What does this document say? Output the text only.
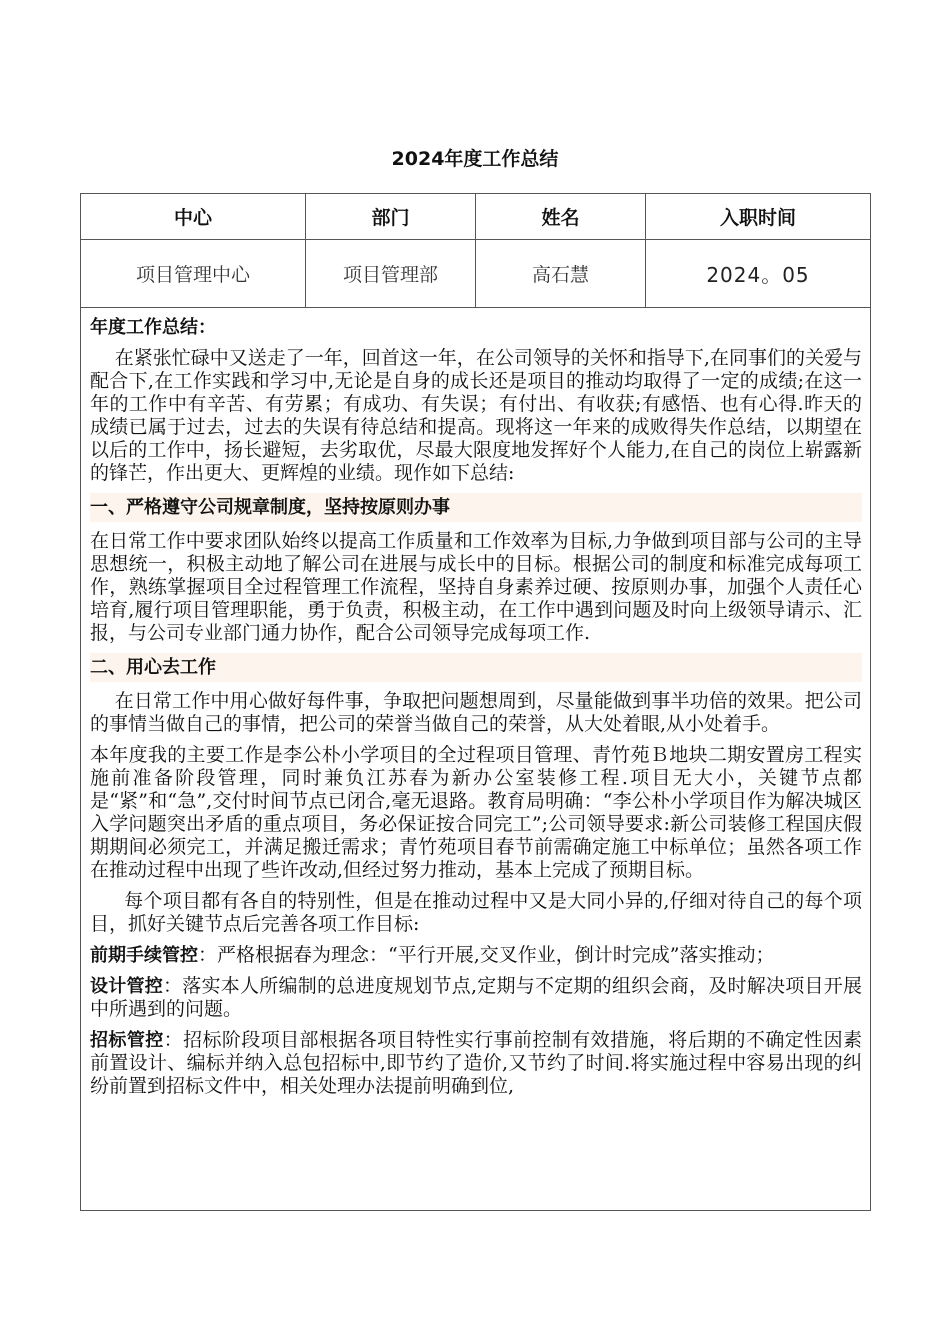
2024年度工作总结
中心	部门	姓名	入职时间
项目管理中心	项目管理部	高石慧	2024。05
年度工作总结：
在紧张忙碌中又送走了一年，回首这一年，在公司领导的关怀和指导下,在同事们的关爱与配合下,在工作实践和学习中,无论是自身的成长还是项目的推动均取得了一定的成绩;在这一年的工作中有辛苦、有劳累；有成功、有失误；有付出、有收获;有感悟、也有心得.昨天的成绩已属于过去，过去的失误有待总结和提高。现将这一年来的成败得失作总结，以期望在以后的工作中，扬长避短，去劣取优，尽最大限度地发挥好个人能力,在自己的岗位上崭露新的锋芒，作出更大、更辉煌的业绩。现作如下总结:
一、严格遵守公司规章制度，坚持按原则办事
在日常工作中要求团队始终以提高工作质量和工作效率为目标,力争做到项目部与公司的主导思想统一，积极主动地了解公司在进展与成长中的目标。根据公司的制度和标准完成每项工作，熟练掌握项目全过程管理工作流程，坚持自身素养过硬、按原则办事，加强个人责任心培育,履行项目管理职能，勇于负责，积极主动，在工作中遇到问题及时向上级领导请示、汇报，与公司专业部门通力协作，配合公司领导完成每项工作.
二、用心去工作
在日常工作中用心做好每件事，争取把问题想周到，尽量能做到事半功倍的效果。把公司的事情当做自己的事情，把公司的荣誉当做自己的荣誉，从大处着眼,从小处着手。
本年度我的主要工作是李公朴小学项目的全过程项目管理、青竹苑Ｂ地块二期安置房工程实施前准备阶段管理，同时兼负江苏春为新办公室装修工程.项目无大小，关键节点都是“紧”和“急”,交付时间节点已闭合,毫无退路。教育局明确：“李公朴小学项目作为解决城区入学问题突出矛盾的重点项目，务必保证按合同完工”;公司领导要求:新公司装修工程国庆假期期间必须完工，并满足搬迁需求；青竹苑项目春节前需确定施工中标单位；虽然各项工作在推动过程中出现了些许改动,但经过努力推动，基本上完成了预期目标。
每个项目都有各自的特别性，但是在推动过程中又是大同小异的,仔细对待自己的每个项目，抓好关键节点后完善各项工作目标:
前期手续管控：严格根据春为理念：“平行开展,交叉作业，倒计时完成”落实推动；
设计管控：落实本人所编制的总进度规划节点,定期与不定期的组织会商，及时解决项目开展中所遇到的问题。
招标管控：招标阶段项目部根据各项目特性实行事前控制有效措施，将后期的不确定性因素前置设计、编标并纳入总包招标中,即节约了造价,又节约了时间.将实施过程中容易出现的纠纷前置到招标文件中，相关处理办法提前明确到位,
